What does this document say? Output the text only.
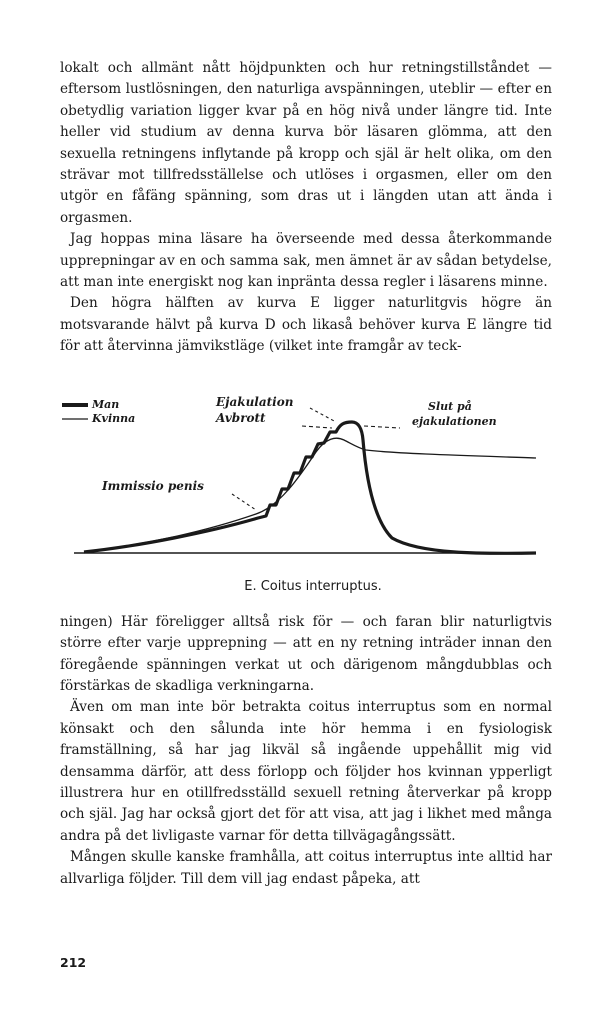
lokalt och allmänt nått höjdpunkten och hur retningstillståndet — eftersom lustlösningen, den naturliga avspänningen, uteblir — efter en obetydlig variation ligger kvar på en hög nivå under längre tid. Inte heller vid studium av denna kurva bör läsaren glömma, att den sexuella retningens inflytande på kropp och själ är helt olika, om den strävar mot tillfredsställelse och utlöses i orgasmen, eller om den utgör en fåfäng spänning, som dras ut i längden utan att ända i orgasmen.

Jag hoppas mina läsare ha överseende med dessa återkommande upprepningar av en och samma sak, men ämnet är av sådan betydelse, att man inte energiskt nog kan inpränta dessa regler i läsarens minne.

Den högra hälften av kurva E ligger naturlitgvis högre än motsvarande hälvt på kurva D och likaså behöver kurva E längre tid för att återvinna jämvikstläge (vilket inte framgår av teck-

Man
Kvinna
Ejakulation
Avbrott
Slut på
ejakulationen
Immissio penis
E. Coitus interruptus.

ningen) Här föreligger alltså risk för — och faran blir naturligtvis större efter varje upprepning — att en ny retning inträder innan den föregående spänningen verkat ut och därigenom mångdubblas och förstärkas de skadliga verkningarna.

Även om man inte bör betrakta coitus interruptus som en normal könsakt och den sålunda inte hör hemma i en fysiologisk framställning, så har jag likväl så ingående uppehållit mig vid densamma därför, att dess förlopp och följder hos kvinnan ypperligt illustrera hur en otillfredsställd sexuell retning återverkar på kropp och själ. Jag har också gjort det för att visa, att jag i likhet med många andra på det livligaste varnar för detta tillvägagångssätt.

Mången skulle kanske framhålla, att coitus interruptus inte alltid har allvarliga följder. Till dem vill jag endast påpeka, att

212
